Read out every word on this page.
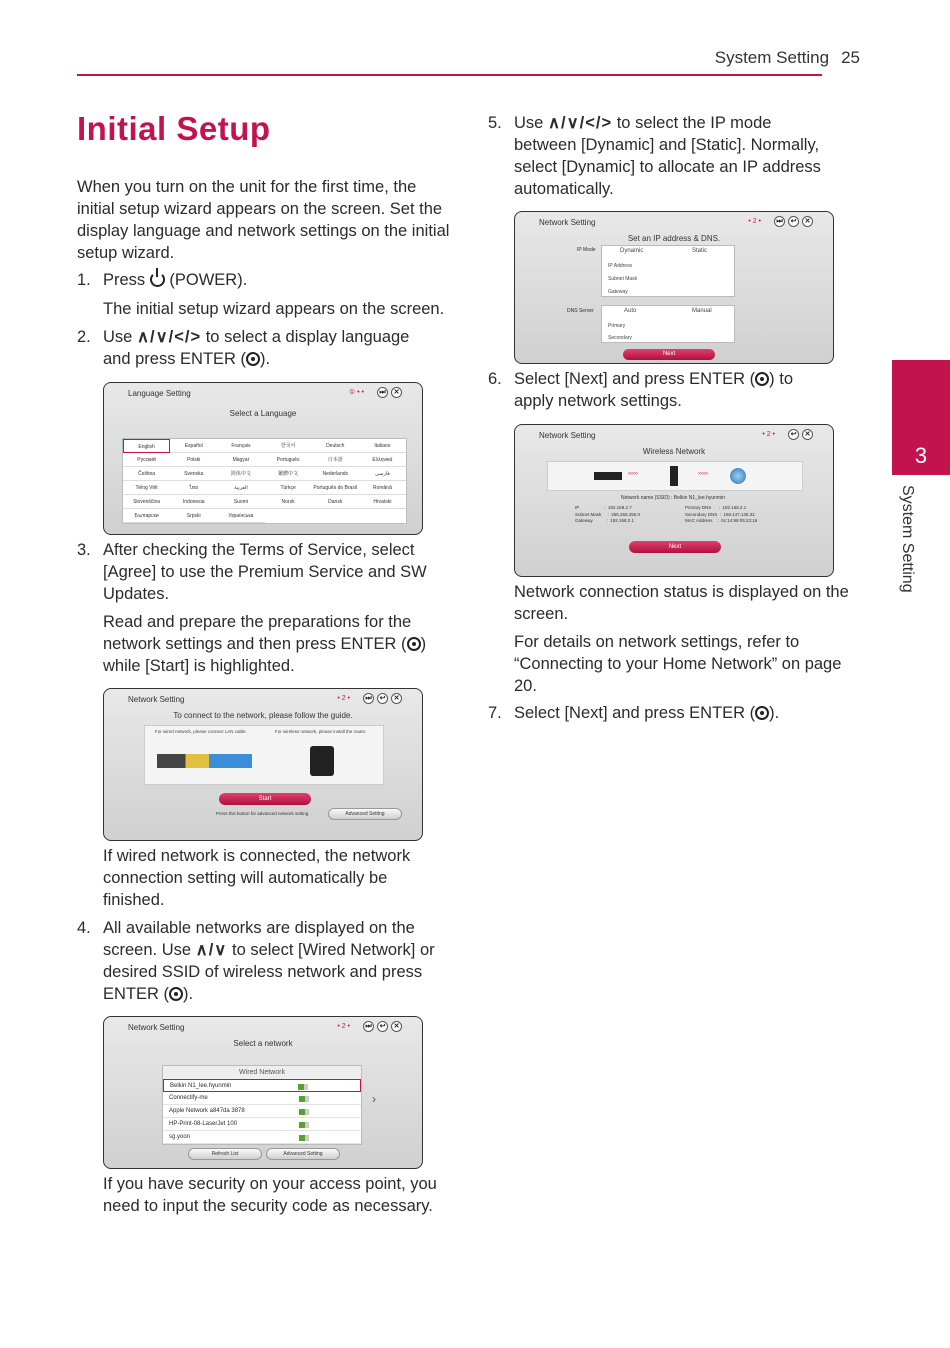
System Setting 25
Initial Setup
When you turn on the unit for the first time, the initial setup wizard appears on the screen. Set the display language and network settings on the initial setup wizard.
1. Press (POWER).
The initial setup wizard appears on the screen.
2. Use ∧/∨/</> to select a display language
and press ENTER ( ).
Language Setting	① • • ⏭ ✕
Select a Language
English	Español	Français	한국어	Deutsch	Italiano
Русский	Polski	Magyar	Português	日本語	Ελληνικά
Čeština	Svenska	简体中文	繁體中文	Nederlands	فارسی
Tiếng Việt	ไทย	العربية	Türkçe	Português do Brasil	Română
Slovenščina	Indonesia	Suomi	Norsk	Dansk	Hrvatski
Български	Srpski	Українська
3. After checking the Terms of Service, select [Agree] to use the Premium Service and SW Updates.
Read and prepare the preparations for the network settings and then press ENTER ( ) while [Start] is highlighted.
Network Setting	• 2 • ⏭ ↩ ✕
To connect to the network, please follow the guide.
For wired network, please connect LAN cable.	For wireless network, please install the router.
Start
Press this button for advanced network setting.	Advanced Setting
If wired network is connected, the network connection setting will automatically be finished.
4. All available networks are displayed on the screen. Use ∧/∨ to select [Wired Network] or desired SSID of wireless network and press ENTER ( ).
Network Setting	• 2 • ⏭ ↩ ✕
Select a network
Wired Network
Belkin N1_lee.hyunmin
Connectify-me
Apple Network a847da 3878
HP-Print-08-LaserJet 100
sg.yoon
›
Refresh List	Advanced Setting
If you have security on your access point, you need to input the security code as necessary.
5. Use ∧/∨/</> to select the IP mode between [Dynamic] and [Static]. Normally, select [Dynamic] to allocate an IP address automatically.
Network Setting	• 2 • ⏭ ↩ ✕
Set an IP address & DNS.
IP Mode	Dynamic	Static
IP Address
Subnet Mask
Gateway
DNS Server	Auto	Manual
Primary
Secondary
Next
6. Select [Next] and press ENTER ( ) to apply network settings.
Network Setting	• 2 • ↩ ✕
Wireless Network
›››››	›››››
Network name (SSID) : Belkin N1_lee.hyunmin
IP                    :  192.168.2.7
Subnet Mask     :  255.255.255.0
Gateway           :  192.168.2.1
Primary DNS      :  192.168.2.1
Secondary DNS  :  156.147.135.32
MAC Address    :  0c:14:99:05:23:16
Next
Network connection status is displayed on the screen.
For details on network settings, refer to “Connecting to your Home Network” on page 20.
7. Select [Next] and press ENTER ( ).
3
System Setting
